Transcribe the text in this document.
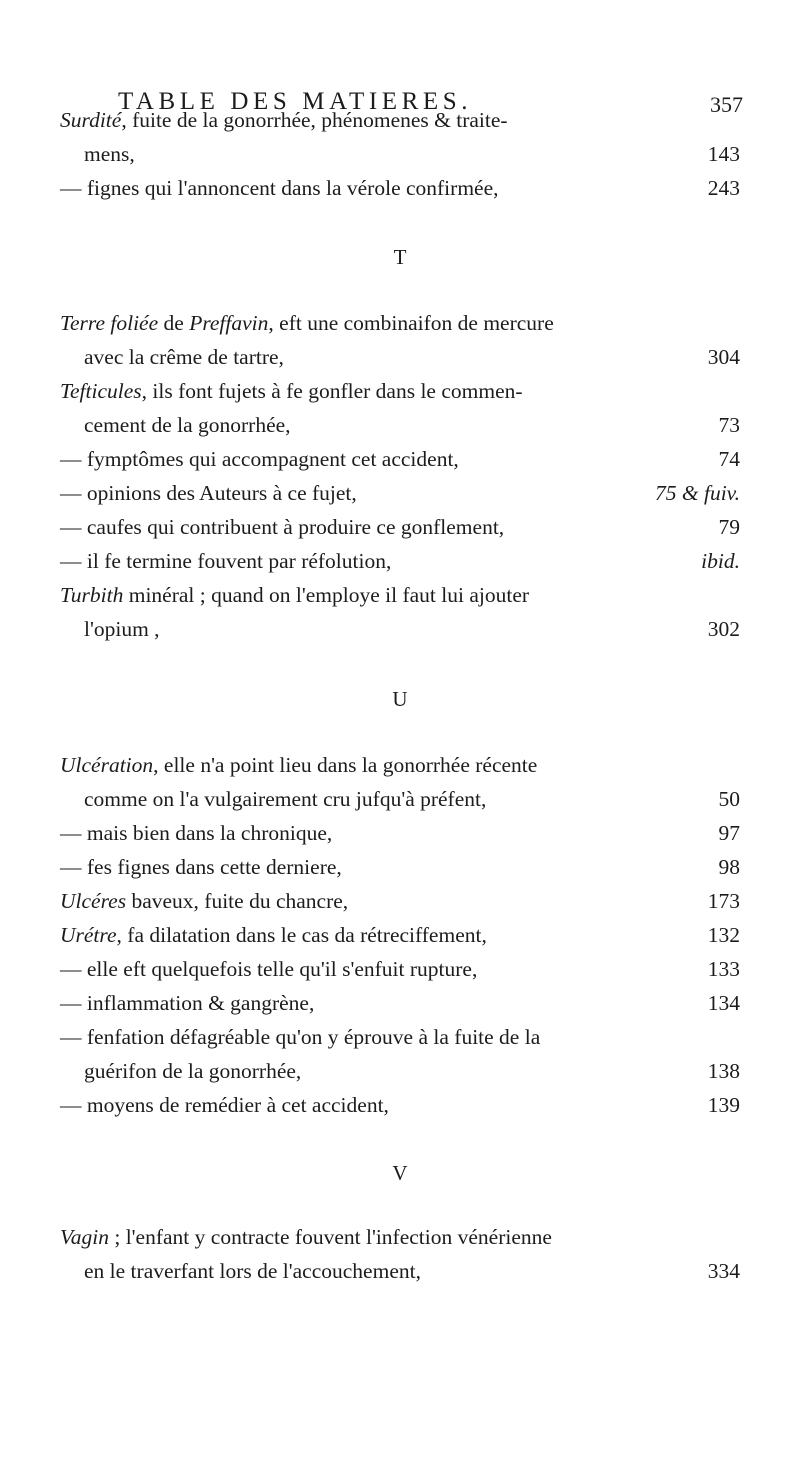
TABLE DES MATIERES.	357
Surdité, fuite de la gonorrhée, phénomenes & traite-
mens,	143
— fignes qui l'annoncent dans la vérole confirmée,	243
T
Terre foliée de Preffavin, eft une combinaifon de mercure
avec la crême de tartre,	304
Tefticules, ils font fujets à fe gonfler dans le commen-
cement de la gonorrhée,	73
— fymptômes qui accompagnent cet accident,	74
— opinions des Auteurs à ce fujet,	75 & fuiv.
— caufes qui contribuent à produire ce gonflement,	79
— il fe termine fouvent par réfolution,	ibid.
Turbith minéral ; quand on l'employe il faut lui ajouter
l'opium ,	302
U
Ulcération, elle n'a point lieu dans la gonorrhée récente
comme on l'a vulgairement cru jufqu'à préfent,	50
— mais bien dans la chronique,	97
— fes fignes dans cette derniere,	98
Ulcéres baveux, fuite du chancre,	173
Urétre, fa dilatation dans le cas da rétreciffement,	132
— elle eft quelquefois telle qu'il s'enfuit rupture,	133
— inflammation & gangrène,	134
— fenfation défagréable qu'on y éprouve à la fuite de la
guérifon de la gonorrhée,	138
— moyens de remédier à cet accident,	139
V
Vagin ; l'enfant y contracte fouvent l'infection vénérienne
en le traverfant lors de l'accouchement,	334
